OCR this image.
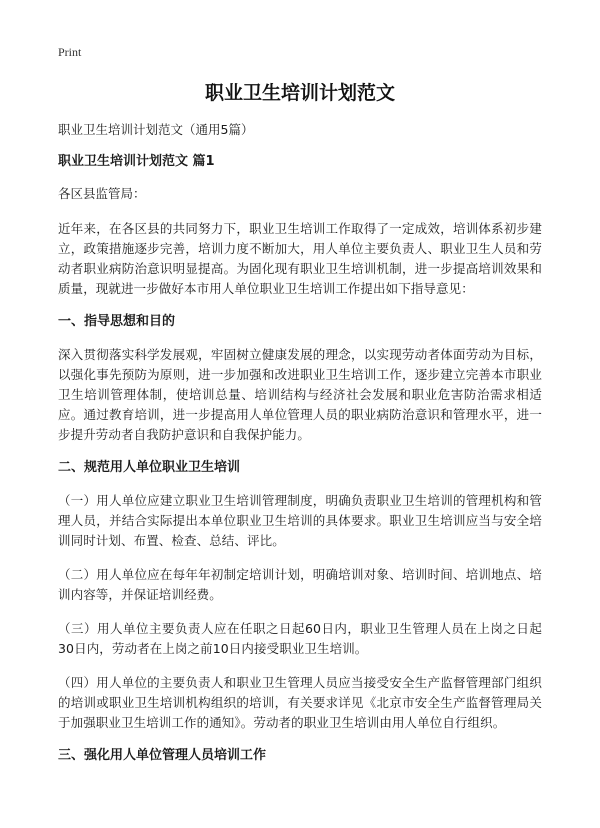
Print
职业卫生培训计划范文
职业卫生培训计划范文（通用5篇）
职业卫生培训计划范文 篇1
各区县监管局：

近年来，在各区县的共同努力下，职业卫生培训工作取得了一定成效，培训体系初步建立，政策措施逐步完善，培训力度不断加大，用人单位主要负责人、职业卫生人员和劳动者职业病防治意识明显提高。为固化现有职业卫生培训机制，进一步提高培训效果和质量，现就进一步做好本市用人单位职业卫生培训工作提出如下指导意见：

一、指导思想和目的

深入贯彻落实科学发展观，牢固树立健康发展的理念，以实现劳动者体面劳动为目标，以强化事先预防为原则，进一步加强和改进职业卫生培训工作，逐步建立完善本市职业卫生培训管理体制，使培训总量、培训结构与经济社会发展和职业危害防治需求相适应。通过教育培训，进一步提高用人单位管理人员的职业病防治意识和管理水平，进一步提升劳动者自我防护意识和自我保护能力。

二、规范用人单位职业卫生培训

（一）用人单位应建立职业卫生培训管理制度，明确负责职业卫生培训的管理机构和管理人员，并结合实际提出本单位职业卫生培训的具体要求。职业卫生培训应当与安全培训同时计划、布置、检查、总结、评比。

（二）用人单位应在每年年初制定培训计划，明确培训对象、培训时间、培训地点、培训内容等，并保证培训经费。

（三）用人单位主要负责人应在任职之日起60日内，职业卫生管理人员在上岗之日起30日内，劳动者在上岗之前10日内接受职业卫生培训。

（四）用人单位的主要负责人和职业卫生管理人员应当接受安全生产监督管理部门组织的培训或职业卫生培训机构组织的培训，有关要求详见《北京市安全生产监督管理局关于加强职业卫生培训工作的通知》。劳动者的职业卫生培训由用人单位自行组织。

三、强化用人单位管理人员培训工作
